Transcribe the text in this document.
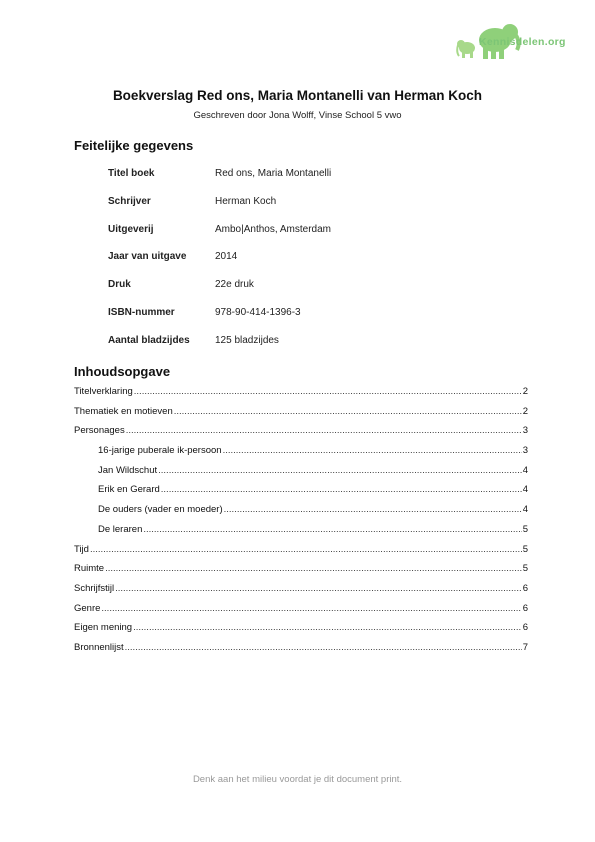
Kennisdelen.org
Boekverslag Red ons, Maria Montanelli van Herman Koch
Geschreven door Jona Wolff, Vinse School 5 vwo
Feitelijke gegevens
Titel boek	Red ons, Maria Montanelli
Schrijver	Herman Koch
Uitgeverij	Ambo|Anthos, Amsterdam
Jaar van uitgave	2014
Druk	22e druk
ISBN-nummer	978-90-414-1396-3
Aantal bladzijdes	125 bladzijdes
Inhoudsopgave
Titelverklaring .....	2
Thematiek en motieven .....	2
Personages .....	3
16-jarige puberale ik-persoon .....	3
Jan Wildschut .....	4
Erik en Gerard .....	4
De ouders (vader en moeder) .....	4
De leraren .....	5
Tijd .....	5
Ruimte .....	5
Schrijfstijl .....	6
Genre .....	6
Eigen mening .....	6
Bronnenlijst .....	7
Denk aan het milieu voordat je dit document print.
